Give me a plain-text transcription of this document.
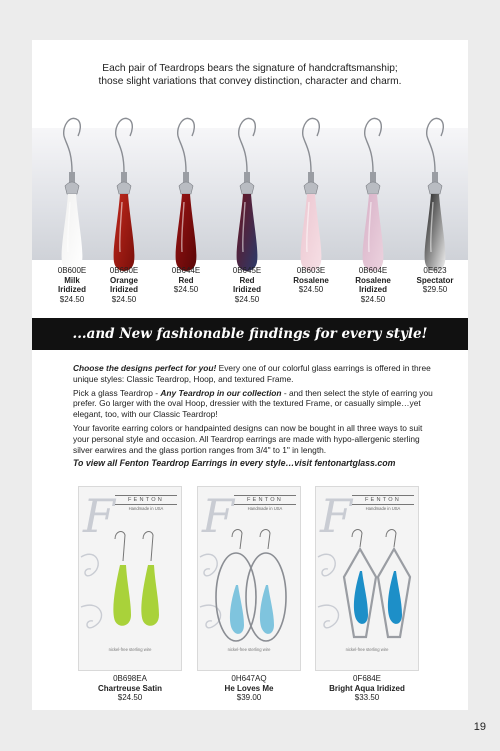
Each pair of Teardrops bears the signature of handcraftsmanship;
those slight variations that convey distinction, character and charm.
0B600E
Milk
Iridized
$24.50
0B680E
Orange
Iridized
$24.50
0B644E
Red
$24.50
0B645E
Red
Iridized
$24.50
0B603E
Rosalene
$24.50
0B604E
Rosalene
Iridized
$24.50
0E623
Spectator
$29.50
...and New fashionable findings for every style!

Choose the designs perfect for you! Every one of our colorful glass earrings is offered in three unique styles: Classic Teardrop, Hoop, and textured Frame.

Pick a glass Teardrop - Any Teardrop in our collection - and then select the style of earring you prefer. Go larger with the oval Hoop, dressier with the textured Frame, or casually simple…yet elegant, too, with our Classic Teardrop!

Your favorite earring colors or handpainted designs can now be bought in all three ways to suit your personal style and occasion. All Teardrop earrings are made with hypo-allergenic sterling silver earwires and the glass portion ranges from 3/4" to 1" in length.

To view all Fenton Teardrop Earrings in every style…visit fentonartglass.com

F	FENTON
Handmade in USA
nickel-free sterling wire
F	FENTON
Handmade in USA
nickel-free sterling wire
F	FENTON
Handmade in USA
nickel-free sterling wire
0B698EA
Chartreuse Satin
$24.50
0H647AQ
He Loves Me
$39.00
0F684E
Bright Aqua Iridized
$33.50
19
